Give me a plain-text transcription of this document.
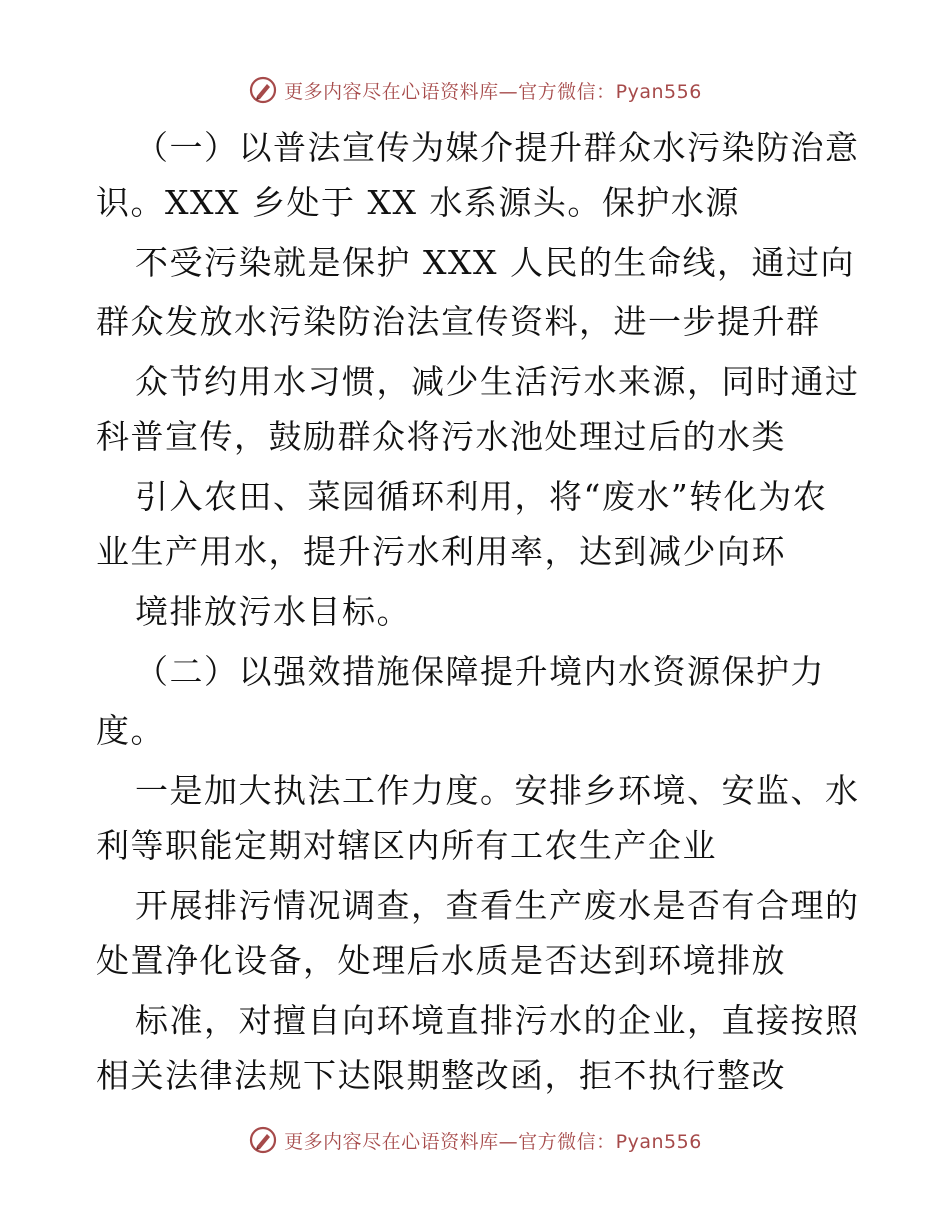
更多内容尽在心语资料库—官方微信：Pyan556
（一）以普法宣传为媒介提升群众水污染防治意
识。XXX 乡处于 XX 水系源头。保护水源
不受污染就是保护 XXX 人民的生命线，通过向
群众发放水污染防治法宣传资料，进一步提升群
众节约用水习惯，减少生活污水来源，同时通过
科普宣传，鼓励群众将污水池处理过后的水类
引入农田、菜园循环利用，将“废水”转化为农
业生产用水，提升污水利用率，达到减少向环
境排放污水目标。
（二）以强效措施保障提升境内水资源保护力
度。
一是加大执法工作力度。安排乡环境、安监、水
利等职能定期对辖区内所有工农生产企业
开展排污情况调查，查看生产废水是否有合理的
处置净化设备，处理后水质是否达到环境排放
标准，对擅自向环境直排污水的企业，直接按照
相关法律法规下达限期整改函，拒不执行整改
更多内容尽在心语资料库—官方微信：Pyan556
